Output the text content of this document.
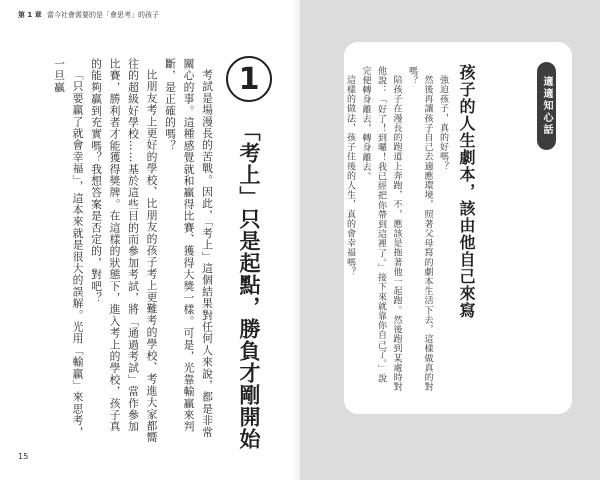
第 1 章 當今社會需要的是「會思考」的孩子
1
「考上」只是起點，勝負才剛開始

考試是場漫長的苦戰。因此，「考上」這個結果對任何人來說，都是非常關心的事。這種感覺就和贏得比賽、獲得大獎一樣。可是，光靠輸贏來判斷，是正確的嗎？

比朋友考上更好的學校、比朋友的孩子考上更難考的學校、考進大家都嚮往的超級好學校……基於這些目的而參加考試，將「通過考試」當作參加比賽，勝利者才能獲得獎牌。在這樣的狀態下，進入考上的學校，孩子真的能夠贏到充實嗎？我想答案是否定的，對吧？

「只要贏了就會幸福」，這本來就是很大的誤解。光用「輸贏」來思考，一旦贏

15
適適知心話
孩子的人生劇本，該由他自己來寫

強迫孩子，真的好嗎？

然後再讓孩子自己去適應環境，照著父母寫的劇本生活下去，這樣做真的對嗎？

陪孩子在漫長的跑道上奔跑，不，應該是拖著他一起跑。然後跑到某處時對他說：「好了！到囉！我已經把你帶到這裡了。」接下來就靠你自己了。」說完便轉身離去，轉身離去。

這樣的做法，孩子往後的人生，真的會幸福嗎？
